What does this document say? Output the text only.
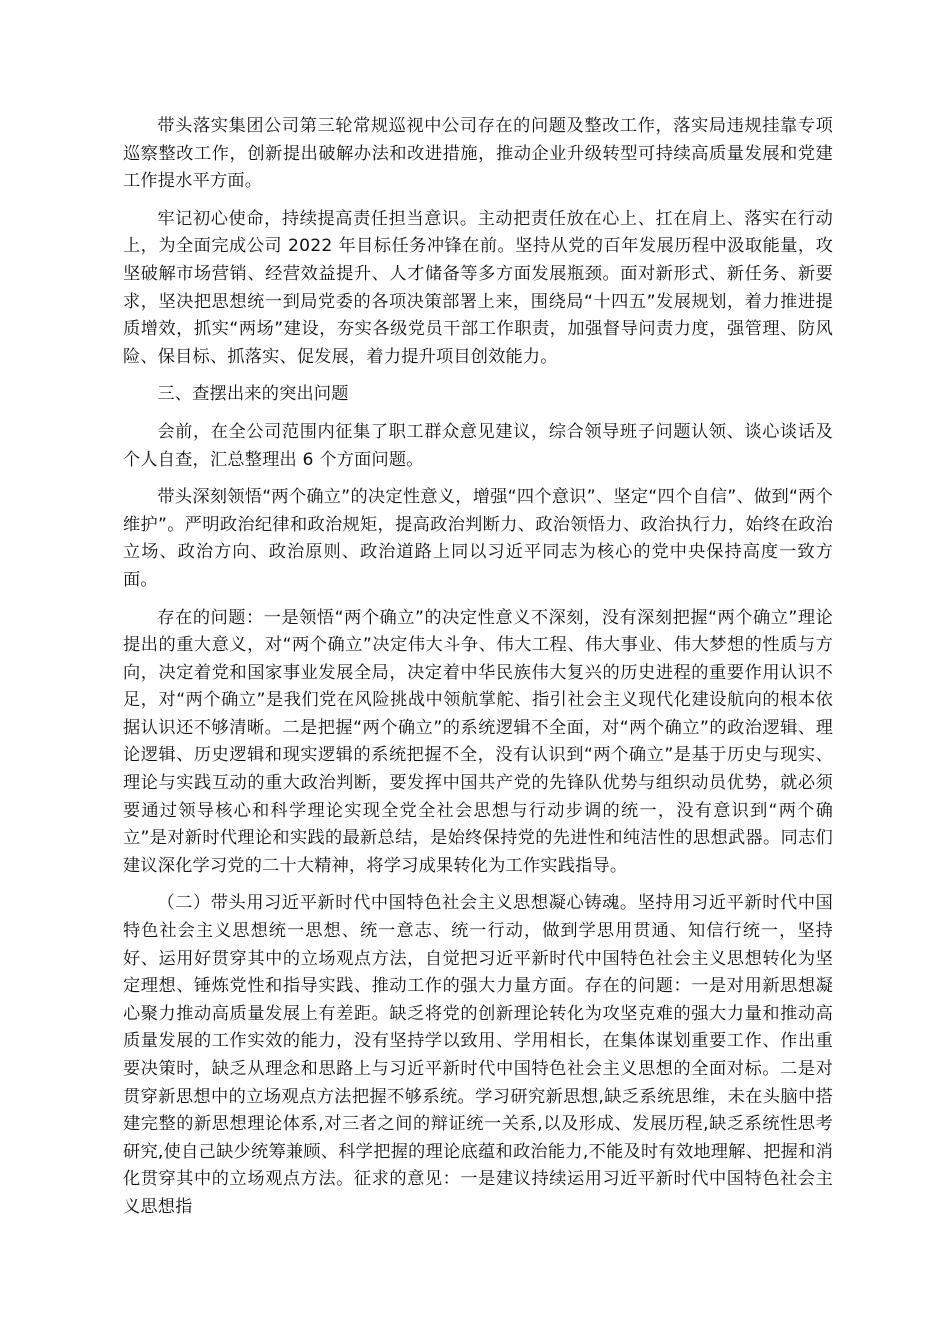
带头落实集团公司第三轮常规巡视中公司存在的问题及整改工作，落实局违规挂靠专项巡察整改工作，创新提出破解办法和改进措施，推动企业升级转型可持续高质量发展和党建工作提水平方面。

牢记初心使命，持续提高责任担当意识。主动把责任放在心上、扛在肩上、落实在行动上，为全面完成公司 2022 年目标任务冲锋在前。坚持从党的百年发展历程中汲取能量，攻坚破解市场营销、经营效益提升、人才储备等多方面发展瓶颈。面对新形式、新任务、新要求，坚决把思想统一到局党委的各项决策部署上来，围绕局“十四五”发展规划，着力推进提质增效，抓实“两场”建设，夯实各级党员干部工作职责，加强督导问责力度，强管理、防风险、保目标、抓落实、促发展，着力提升项目创效能力。

三、查摆出来的突出问题

会前，在全公司范围内征集了职工群众意见建议，综合领导班子问题认领、谈心谈话及个人自查，汇总整理出 6 个方面问题。

带头深刻领悟“两个确立”的决定性意义，增强“四个意识”、坚定“四个自信”、做到“两个维护”。严明政治纪律和政治规矩，提高政治判断力、政治领悟力、政治执行力，始终在政治立场、政治方向、政治原则、政治道路上同以习近平同志为核心的党中央保持高度一致方面。

存在的问题：一是领悟“两个确立”的决定性意义不深刻，没有深刻把握“两个确立”理论提出的重大意义，对“两个确立”决定伟大斗争、伟大工程、伟大事业、伟大梦想的性质与方向，决定着党和国家事业发展全局，决定着中华民族伟大复兴的历史进程的重要作用认识不足，对“两个确立”是我们党在风险挑战中领航掌舵、指引社会主义现代化建设航向的根本依据认识还不够清晰。二是把握“两个确立”的系统逻辑不全面，对“两个确立”的政治逻辑、理论逻辑、历史逻辑和现实逻辑的系统把握不全，没有认识到“两个确立”是基于历史与现实、理论与实践互动的重大政治判断，要发挥中国共产党的先锋队优势与组织动员优势，就必须要通过领导核心和科学理论实现全党全社会思想与行动步调的统一，没有意识到“两个确立”是对新时代理论和实践的最新总结，是始终保持党的先进性和纯洁性的思想武器。同志们建议深化学习党的二十大精神，将学习成果转化为工作实践指导。

（二）带头用习近平新时代中国特色社会主义思想凝心铸魂。坚持用习近平新时代中国特色社会主义思想统一思想、统一意志、统一行动，做到学思用贯通、知信行统一，坚持好、运用好贯穿其中的立场观点方法，自觉把习近平新时代中国特色社会主义思想转化为坚定理想、锤炼党性和指导实践、推动工作的强大力量方面。存在的问题：一是对用新思想凝心聚力推动高质量发展上有差距。缺乏将党的创新理论转化为攻坚克难的强大力量和推动高质量发展的工作实效的能力，没有坚持学以致用、学用相长，在集体谋划重要工作、作出重要决策时，缺乏从理念和思路上与习近平新时代中国特色社会主义思想的全面对标。二是对贯穿新思想中的立场观点方法把握不够系统。学习研究新思想,缺乏系统思维，未在头脑中搭建完整的新思想理论体系,对三者之间的辩证统一关系,以及形成、发展历程,缺乏系统性思考研究,使自己缺少统筹兼顾、科学把握的理论底蕴和政治能力,不能及时有效地理解、把握和消化贯穿其中的立场观点方法。征求的意见：一是建议持续运用习近平新时代中国特色社会主义思想指
